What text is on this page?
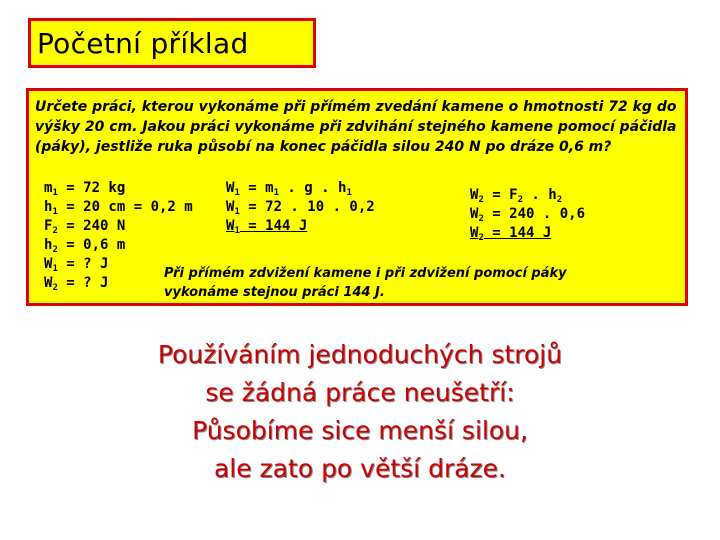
Početní příklad
Určete práci, kterou vykonáme při přímém zvedání kamene o hmotnosti 72 kg do výšky 20 cm. Jakou práci vykonáme při zdvihání stejného kamene pomocí páčidla (páky), jestliže ruka působí na konec páčidla silou 240 N po dráze 0,6 m?
$m_1 = 72$ kg
$h_1 = 20$ cm = 0,2 m
$F_2 = 240$ N
$h_2 = 0,6$ m
$W_1$ = ? J
$W_2$ = ? J
$W_1 = m_1$ . g . $h_1$
$W_1 = 72$ . 10 . 0,2
$W_1 = 144$ J
$W_2 = F_2$ . $h_2$
$W_2 = 240$ . 0,6
$W_2 = 144$ J
Při přímém zdvižení kamene i při zdvižení pomocí páky
vykonáme stejnou práci 144 J.
Používáním jednoduchých strojů
se žádná práce neušetří:
Působíme sice menší silou,
ale zato po větší dráze.
